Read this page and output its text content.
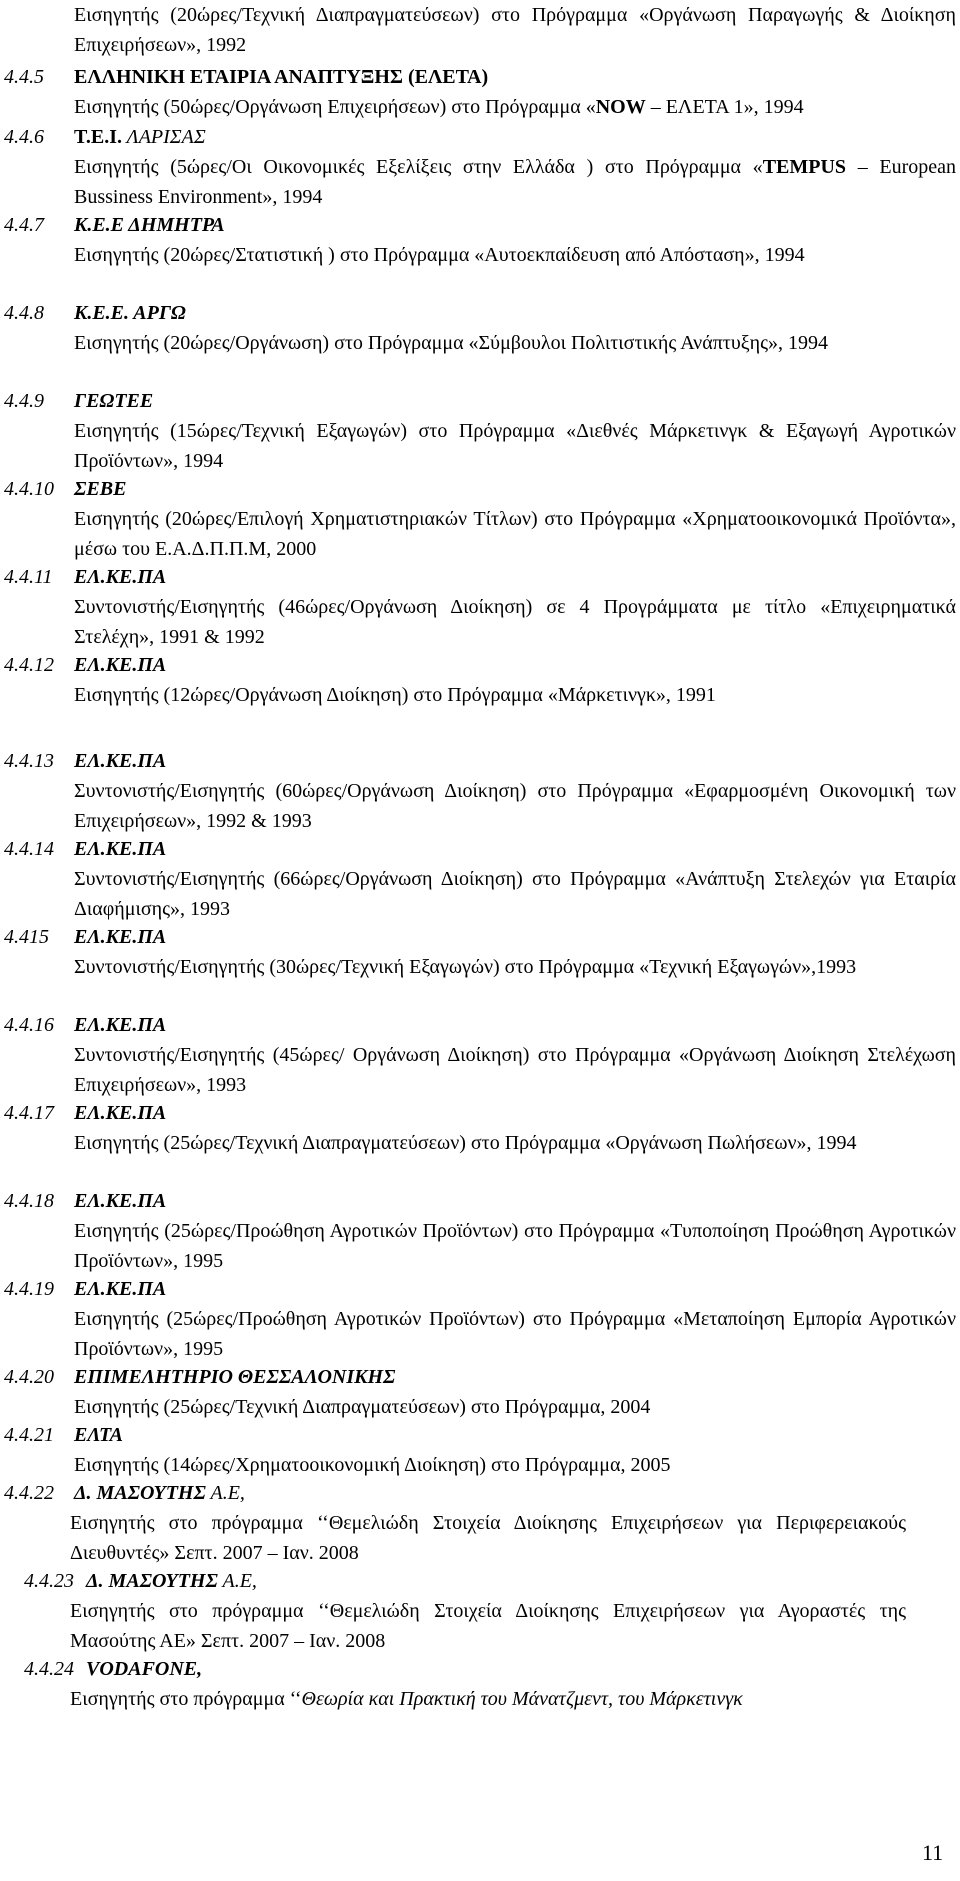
Εισηγητής (20ώρες/Τεχνική Διαπραγματεύσεων) στο Πρόγραμμα «Οργάνωση Παραγωγής & Διοίκηση Επιχειρήσεων», 1992
4.4.5 ΕΛΛΗΝΙΚΗ ΕΤΑΙΡΙΑ ΑΝΑΠΤΥΞΗΣ (ΕΛΕΤΑ)
Εισηγητής (50ώρες/Οργάνωση Επιχειρήσεων) στο Πρόγραμμα «NOW – ΕΛΕΤΑ 1», 1994
4.4.6 Τ.Ε.Ι. ΛΑΡΙΣΑΣ
Εισηγητής (5ώρες/Οι Οικονομικές Εξελίξεις στην Ελλάδα ) στο Πρόγραμμα «TEMPUS – European Bussiness Environment», 1994
4.4.7 Κ.Ε.Ε ΔΗΜΗΤΡΑ
Εισηγητής (20ώρες/Στατιστική ) στο Πρόγραμμα «Αυτοεκπαίδευση από Απόσταση», 1994
4.4.8 Κ.Ε.Ε. ΑΡΓΩ
Εισηγητής (20ώρες/Οργάνωση) στο Πρόγραμμα «Σύμβουλοι Πολιτιστικής Ανάπτυξης», 1994
4.4.9 ΓΕΩΤΕΕ
Εισηγητής (15ώρες/Τεχνική Εξαγωγών) στο Πρόγραμμα «Διεθνές Μάρκετινγκ & Εξαγωγή Αγροτικών Προϊόντων», 1994
4.4.10 ΣΕΒΕ
Εισηγητής (20ώρες/Επιλογή Χρηματιστηριακών Τίτλων) στο Πρόγραμμα «Χρηματοοικονομικά Προϊόντα», μέσω του Ε.Α.Δ.Π.Π.Μ, 2000
4.4.11 ΕΛ.ΚΕ.ΠΑ
Συντονιστής/Εισηγητής (46ώρες/Οργάνωση Διοίκηση) σε 4 Προγράμματα με τίτλο «Επιχειρηματικά Στελέχη», 1991 & 1992
4.4.12 ΕΛ.ΚΕ.ΠΑ
Εισηγητής (12ώρες/Οργάνωση Διοίκηση) στο Πρόγραμμα «Μάρκετινγκ», 1991
4.4.13 ΕΛ.ΚΕ.ΠΑ
Συντονιστής/Εισηγητής (60ώρες/Οργάνωση Διοίκηση) στο Πρόγραμμα «Εφαρμοσμένη Οικονομική των Επιχειρήσεων», 1992 & 1993
4.4.14 ΕΛ.ΚΕ.ΠΑ
Συντονιστής/Εισηγητής (66ώρες/Οργάνωση Διοίκηση) στο Πρόγραμμα «Ανάπτυξη Στελεχών για Εταιρία Διαφήμισης», 1993
4.415 ΕΛ.ΚΕ.ΠΑ
Συντονιστής/Εισηγητής (30ώρες/Τεχνική Εξαγωγών) στο Πρόγραμμα «Τεχνική Εξαγωγών»,1993
4.4.16 ΕΛ.ΚΕ.ΠΑ
Συντονιστής/Εισηγητής (45ώρες/ Οργάνωση Διοίκηση) στο Πρόγραμμα «Οργάνωση Διοίκηση Στελέχωση Επιχειρήσεων», 1993
4.4.17 ΕΛ.ΚΕ.ΠΑ
Εισηγητής (25ώρες/Τεχνική Διαπραγματεύσεων) στο Πρόγραμμα «Οργάνωση Πωλήσεων», 1994
4.4.18 ΕΛ.ΚΕ.ΠΑ
Εισηγητής (25ώρες/Προώθηση Αγροτικών Προϊόντων) στο Πρόγραμμα «Τυποποίηση Προώθηση Αγροτικών Προϊόντων», 1995
4.4.19 ΕΛ.ΚΕ.ΠΑ
Εισηγητής (25ώρες/Προώθηση Αγροτικών Προϊόντων) στο Πρόγραμμα «Μεταποίηση Εμπορία Αγροτικών Προϊόντων», 1995
4.4.20 ΕΠΙΜΕΛΗΤΗΡΙΟ ΘΕΣΣΑΛΟΝΙΚΗΣ
Εισηγητής (25ώρες/Τεχνική Διαπραγματεύσεων) στο Πρόγραμμα, 2004
4.4.21 ΕΛΤΑ
Εισηγητής (14ώρες/Χρηματοοικονομική Διοίκηση) στο Πρόγραμμα, 2005
4.4.22 Δ. ΜΑΣΟΥΤΗΣ Α.Ε,
Εισηγητής στο πρόγραμμα ‘‘Θεμελιώδη Στοιχεία Διοίκησης Επιχειρήσεων για Περιφερειακούς Διευθυντές» Σεπτ. 2007 – Ιαν. 2008
4.4.23 Δ. ΜΑΣΟΥΤΗΣ Α.Ε,
Εισηγητής στο πρόγραμμα ‘‘Θεμελιώδη Στοιχεία Διοίκησης Επιχειρήσεων για Αγοραστές της Μασούτης ΑΕ» Σεπτ. 2007 – Ιαν. 2008
4.4.24 VODAFONE,
Εισηγητής στο πρόγραμμα ‘‘Θεωρία και Πρακτική του Μάνατζμεντ, του Μάρκετινγκ
11
